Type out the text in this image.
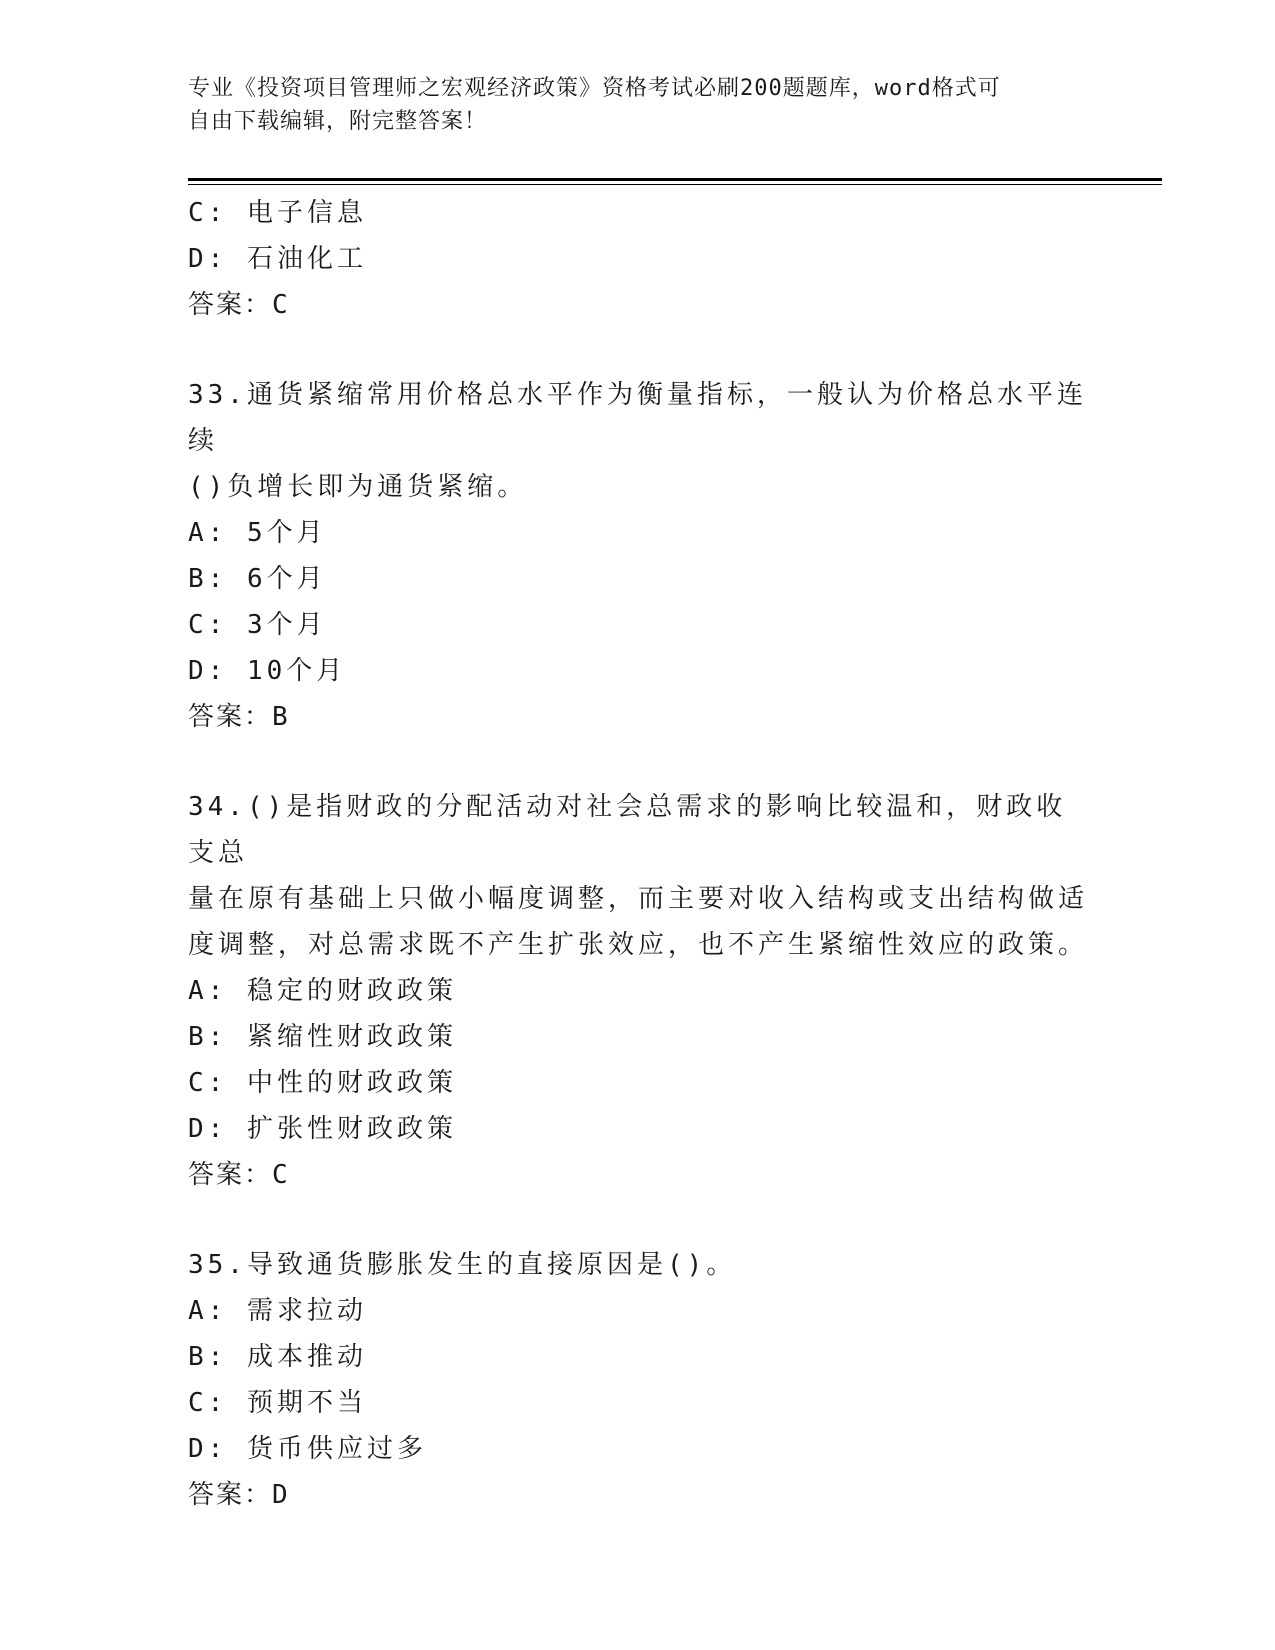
专业《投资项目管理师之宏观经济政策》资格考试必刷200题题库，word格式可
自由下载编辑，附完整答案！
C: 电子信息
D: 石油化工
答案：C
33.通货紧缩常用价格总水平作为衡量指标，一般认为价格总水平连续
()负增长即为通货紧缩。
A: 5个月
B: 6个月
C: 3个月
D: 10个月
答案：B
34.()是指财政的分配活动对社会总需求的影响比较温和，财政收支总
量在原有基础上只做小幅度调整，而主要对收入结构或支出结构做适
度调整，对总需求既不产生扩张效应，也不产生紧缩性效应的政策。
A: 稳定的财政政策
B: 紧缩性财政政策
C: 中性的财政政策
D: 扩张性财政政策
答案：C
35.导致通货膨胀发生的直接原因是()。
A: 需求拉动
B: 成本推动
C: 预期不当
D: 货币供应过多
答案：D
